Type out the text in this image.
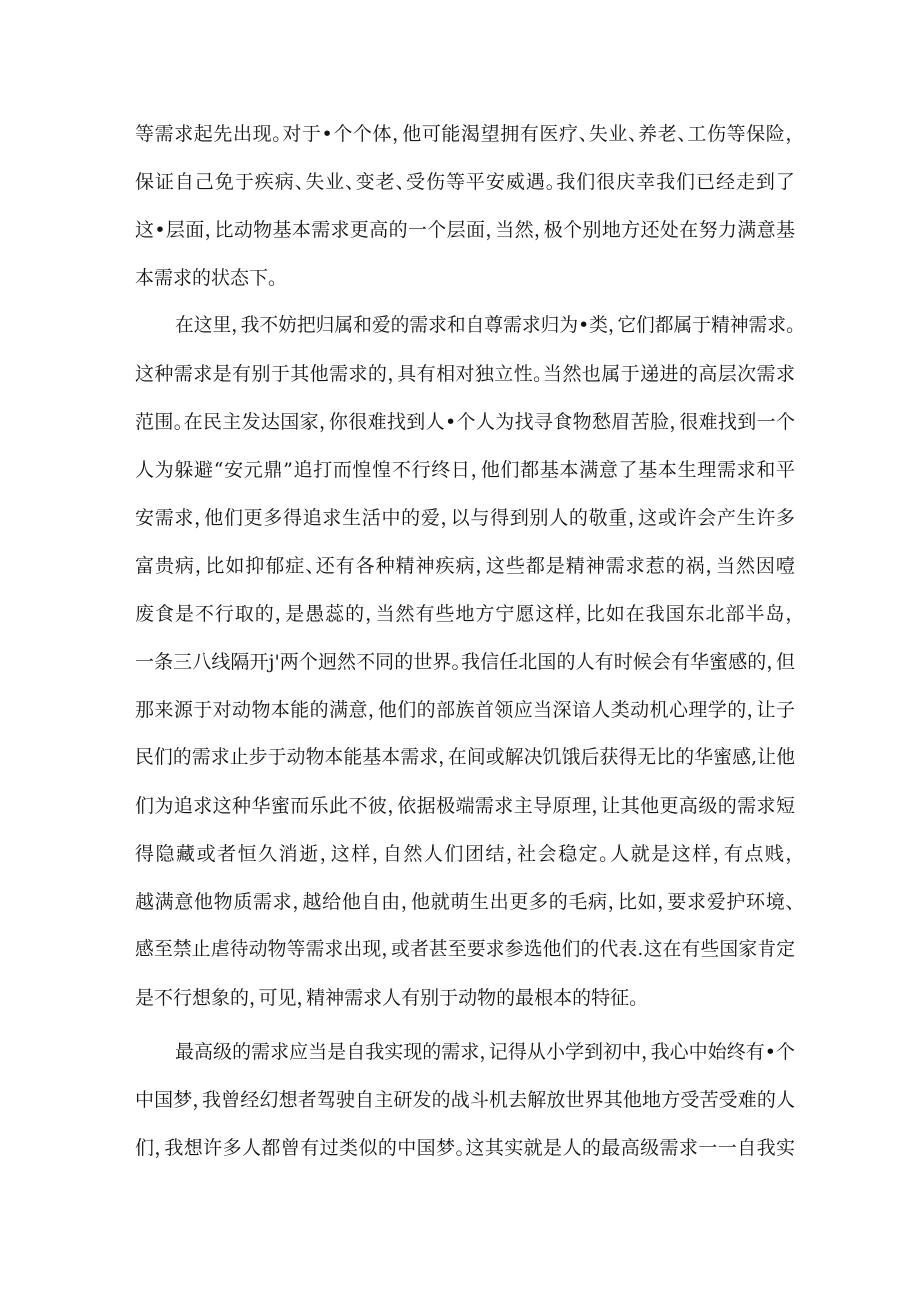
等需求起先出现。对于•个个体，他可能渴望拥有医疗、失业、养老、工伤等保险，
保证自己免于疾病、失业、变老、受伤等平安威遇。我们很庆幸我们已经走到了
这•层面，比动物基本需求更高的一个层面，当然，极个别地方还处在努力满意基
本需求的状态下。
在这里，我不妨把归属和爱的需求和自尊需求归为•类，它们都属于精神需求。
这种需求是有别于其他需求的，具有相对独立性。当然也属于递进的高层次需求
范围。在民主发达国家，你很难找到人•个人为找寻食物愁眉苦脸，很难找到一个
人为躲避“安元鼎”追打而惶惶不行终日，他们都基本满意了基本生理需求和平
安需求，他们更多得追求生活中的爱，以与得到别人的敬重，这或许会产生许多
富贵病，比如抑郁症、还有各种精神疾病，这些都是精神需求惹的祸，当然因噎
废食是不行取的，是愚蕊的，当然有些地方宁愿这样，比如在我国东北部半岛，
一条三八线隔开j'两个迥然不同的世界。我信任北国的人有时候会有华蜜感的，但
那来源于对动物本能的满意，他们的部族首领应当深谙人类动机心理学的，让子
民们的需求止步于动物本能基本需求，在间或解决饥饿后获得无比的华蜜感,让他
们为追求这种华蜜而乐此不彼，依据极端需求主导原理，让其他更高级的需求短
得隐藏或者恒久消逝，这样，自然人们团结，社会稳定。人就是这样，有点贱，
越满意他物质需求，越给他自由，他就萌生出更多的毛病，比如，要求爱护环境、
感至禁止虐待动物等需求出现，或者甚至要求参选他们的代表.这在有些国家肯定
是不行想象的，可见，精神需求人有别于动物的最根本的特征。
最高级的需求应当是自我实现的需求，记得从小学到初中，我心中始终有•个
中国梦，我曾经幻想者驾驶自主研发的战斗机去解放世界其他地方受苦受难的人
们，我想许多人都曾有过类似的中国梦。这其实就是人的最高级需求一一自我实
